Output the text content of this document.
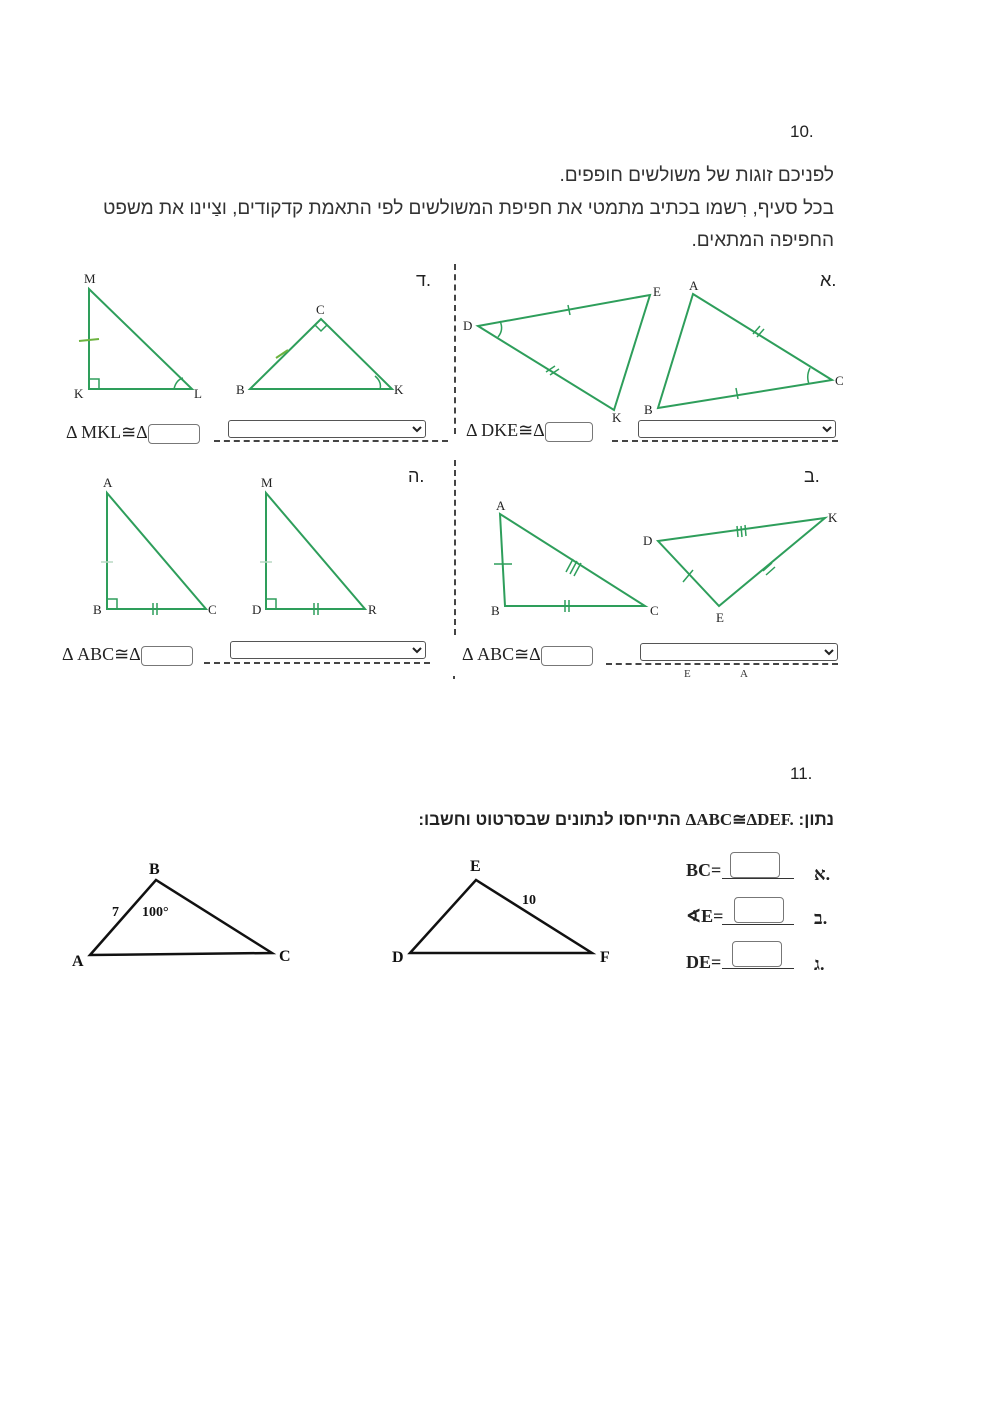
10.
לפניכם זוגות של משולשים חופפים.
בכל סעיף, רִשמו בכתיב מתמטי את חפיפת המשולשים לפי התאמת קדקודים, וצַיינו את משפט החפיפה המתאים.
א.
D
E
K
A
C
B
Δ DKE≅Δ
ד.
M
K	L
C
B	K
Δ MKL≅Δ
ב.
A
B	C
D
K
E
Δ ABC≅Δ
E	A
ה.
A
B	C
M
D	R
Δ ABC≅Δ
11.
נתון: ΔABC≅ΔDEF. התייחסו לנתונים שבסרטוט וחשבו:
A
B
C
7 100°
D
E
F
10
BC=	א.
∢E=	ב.
DE=	ג.
